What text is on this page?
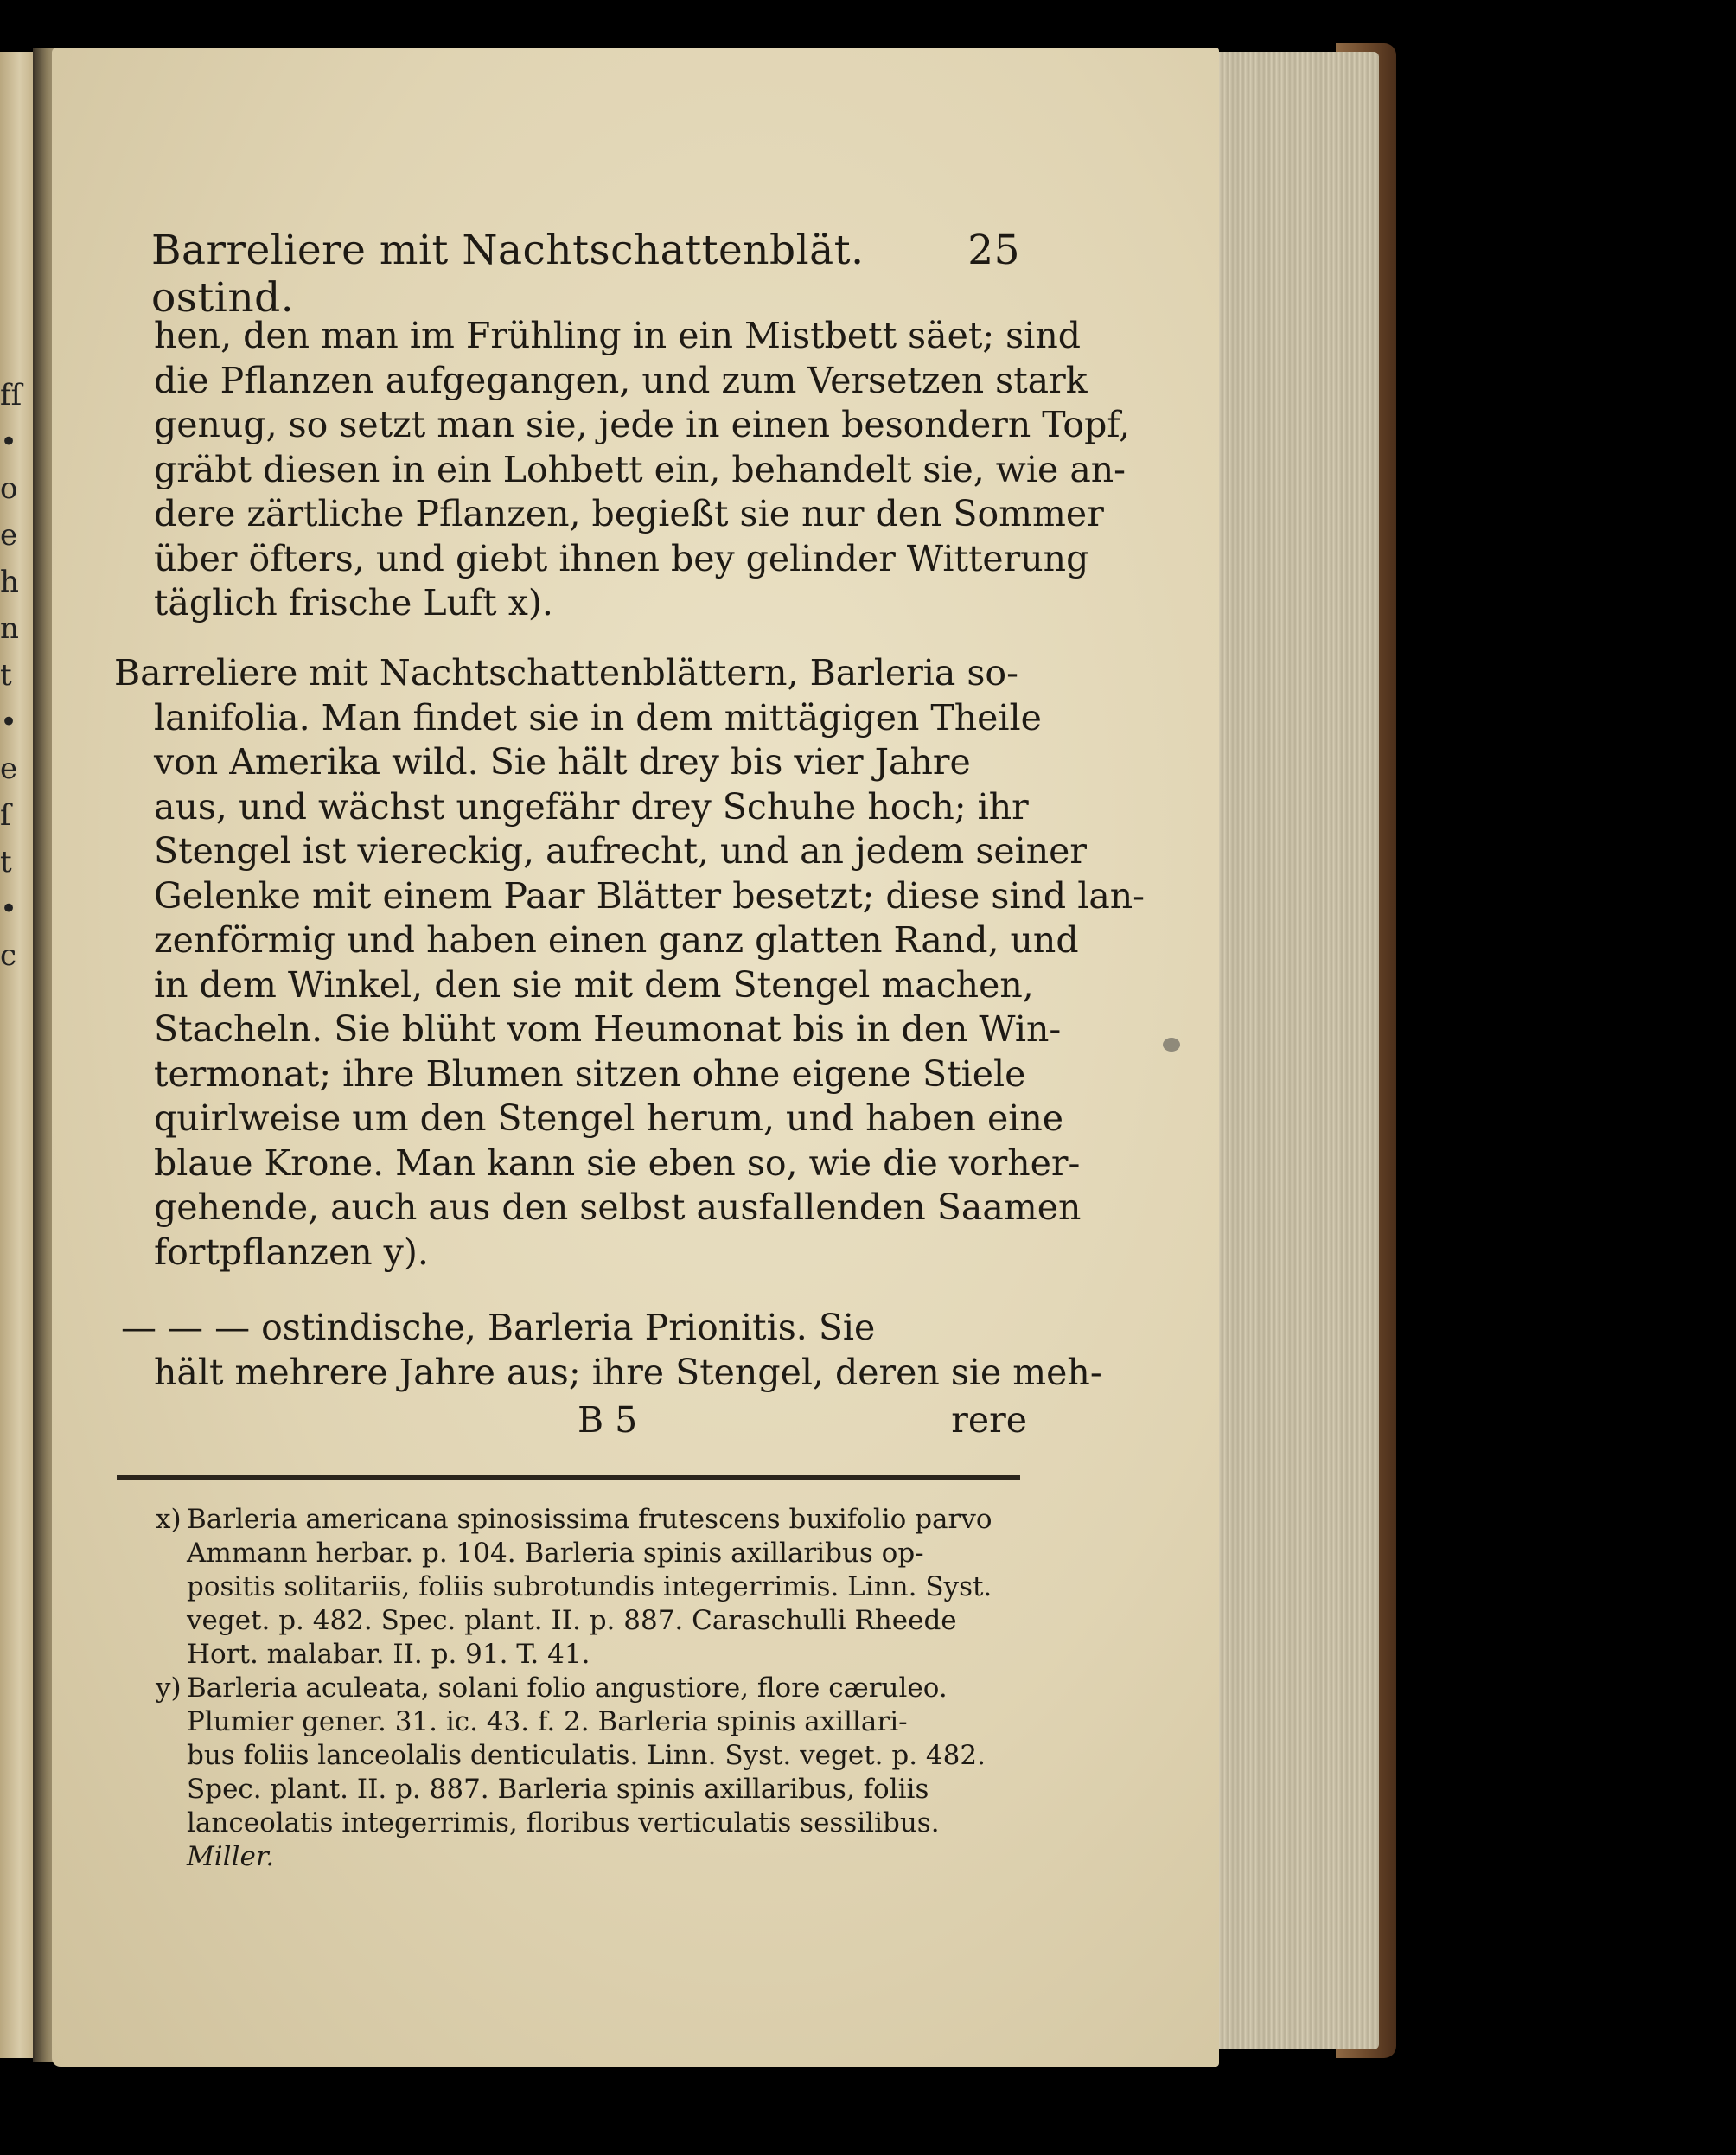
fſ
•
o
e
h
n
t
•
e
ſ
t
•
c
Barreliere mit Nachtschattenblät. ostind.
25
hen, den man im Frühling in ein Mistbett säet; sind
die Pflanzen aufgegangen, und zum Versetzen stark
genug, so setzt man sie, jede in einen besondern Topf,
gräbt diesen in ein Lohbett ein, behandelt sie, wie an-
dere zärtliche Pflanzen, begießt sie nur den Sommer
über öfters, und giebt ihnen bey gelinder Witterung
täglich frische Luft x).
Barreliere mit Nachtschattenblättern, Barleria so-
lanifolia. Man findet sie in dem mittägigen Theile
von Amerika wild. Sie hält drey bis vier Jahre
aus, und wächst ungefähr drey Schuhe hoch; ihr
Stengel ist viereckig, aufrecht, und an jedem seiner
Gelenke mit einem Paar Blätter besetzt; diese sind lan-
zenförmig und haben einen ganz glatten Rand, und
in dem Winkel, den sie mit dem Stengel machen,
Stacheln. Sie blüht vom Heumonat bis in den Win-
termonat; ihre Blumen sitzen ohne eigene Stiele
quirlweise um den Stengel herum, und haben eine
blaue Krone. Man kann sie eben so, wie die vorher-
gehende, auch aus den selbst ausfallenden Saamen
fortpflanzen y).
— — — ostindische, Barleria Prionitis. Sie
hält mehrere Jahre aus; ihre Stengel, deren sie meh-
B 5	rere
x) Barleria americana spinosissima frutescens buxifolio parvo
Ammann herbar. p. 104. Barleria spinis axillaribus op-
positis solitariis, foliis subrotundis integerrimis. Linn. Syst.
veget. p. 482. Spec. plant. II. p. 887. Caraschulli Rheede
Hort. malabar. II. p. 91. T. 41.
y) Barleria aculeata, solani folio angustiore, flore cæruleo.
Plumier gener. 31. ic. 43. f. 2. Barleria spinis axillari-
bus foliis lanceolalis denticulatis. Linn. Syst. veget. p. 482.
Spec. plant. II. p. 887. Barleria spinis axillaribus, foliis
lanceolatis integerrimis, floribus verticulatis sessilibus.
Miller.
